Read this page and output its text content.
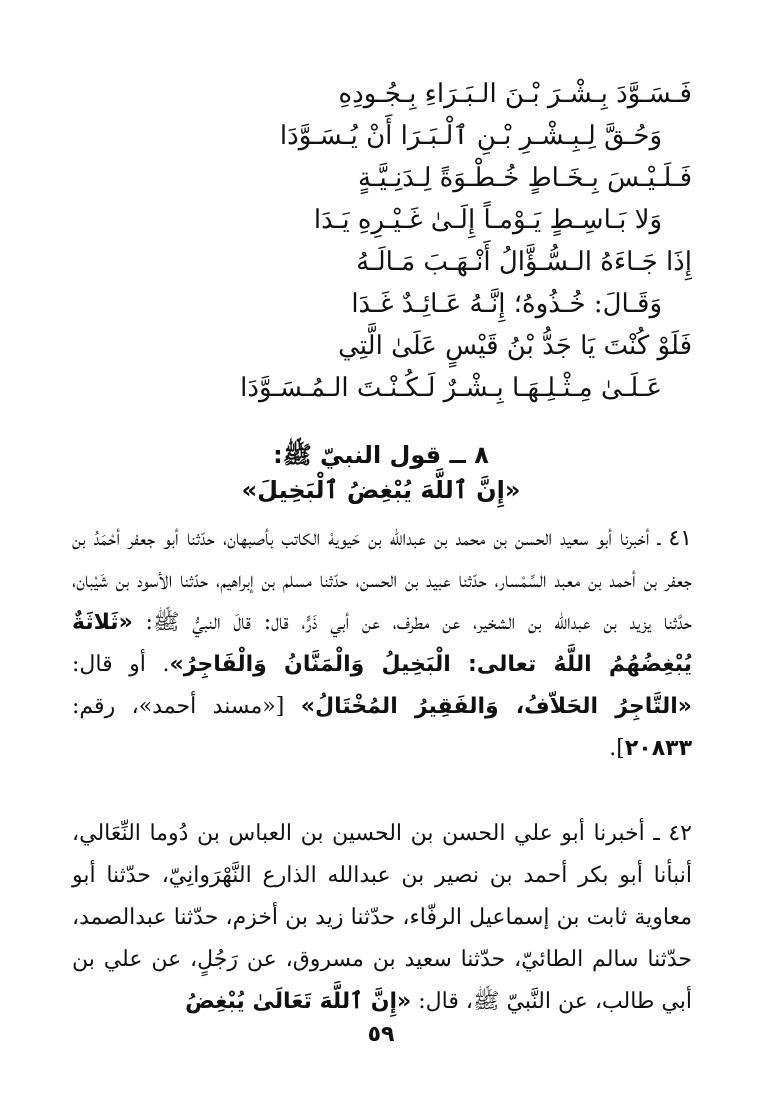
فَـسَـوَّدَ بِـشْـرَ بْـنَ الـبَـرَاءِ بِـجُـودِهِ
وَحُـقَّ لِـبِـشْـرِ بْـنِ ٱلْـبَـرَا أَنْ يُـسَـوَّدَا
فَـلَـيْـسَ بِـخَـاطٍ خُـطْـوَةً لِـدَنِـيَّـةٍ
وَلا بَـاسِـطٍ يَـوْمـاً إِلَـىٰ غَـيْـرِهِ يَـدَا
إِذَا جَـاءَهُ الـسُّـؤَّالُ أَنْـهَـبَ مَـالَـهُ
وَقَـالَ: خُـذُوهُ؛ إِنَّـهُ عَـائِـدٌ غَـدَا
فَلَوْ كُنْتَ يَا جَدُّ بْنُ قَيْسٍ عَلَىٰ الَّتِي
عَـلَـىٰ مِـثْـلِـهَـا بِـشْـرٌ لَـكُـنْـتَ الـمُـسَـوَّدَا
٨ ــ قول النبيّ ﷺ:
«إِنَّ ٱللَّهَ يُبْغِضُ ٱلْبَخِيلَ»
٤١ ـ أخبرنا أبو سعيد الحسن بن محمد بن عبدالله بن حَيويهْ الكاتب بأصبهان، حدّثنا أبو جعفر أحْمَدُ بن جعفر بن أحمد بن معبد السِّمْسار، حدّثنا عبيد بن الحسن، حدّثنا مسلم بن إبراهيم، حدّثنا الأسود بن شَيْبان، حدَّثنا يزيد بن عبدالله بن الشخير، عن مطرف، عن أبي ذَرٍّ، قال: قالَ النبيُّ ﷺ: «ثَلاثَةٌ يُبْغِضُهُمُ اللَّهُ تعالى: الْبَخِيلُ وَالْمَنَّانُ وَالْفَاجِرُ». أو قال: «التَّاجِرُ الحَلاّفُ، وَالفَقِيرُ المُخْتَالُ» [«مسند أحمد»، رقم: ٢٠٨٣٣].
٤٢ ـ أخبرنا أبو علي الحسن بن الحسين بن العباس بن دُوما النِّعَالي، أنبأنا أبو بكر أحمد بن نصير بن عبدالله الذارع النَّهْرَوانِيّ، حدّثنا أبو معاوية ثابت بن إسماعيل الرفّاء، حدّثنا زيد بن أخزم، حدّثنا عبدالصمد، حدّثنا سالم الطائيّ، حدّثنا سعيد بن مسروق، عن رَجُلٍ، عن علي بن أبي طالب، عن النَّبيّ ﷺ، قال: «إِنَّ ٱللَّهَ تَعَالَىٰ يُبْغِضُ
٥٩
